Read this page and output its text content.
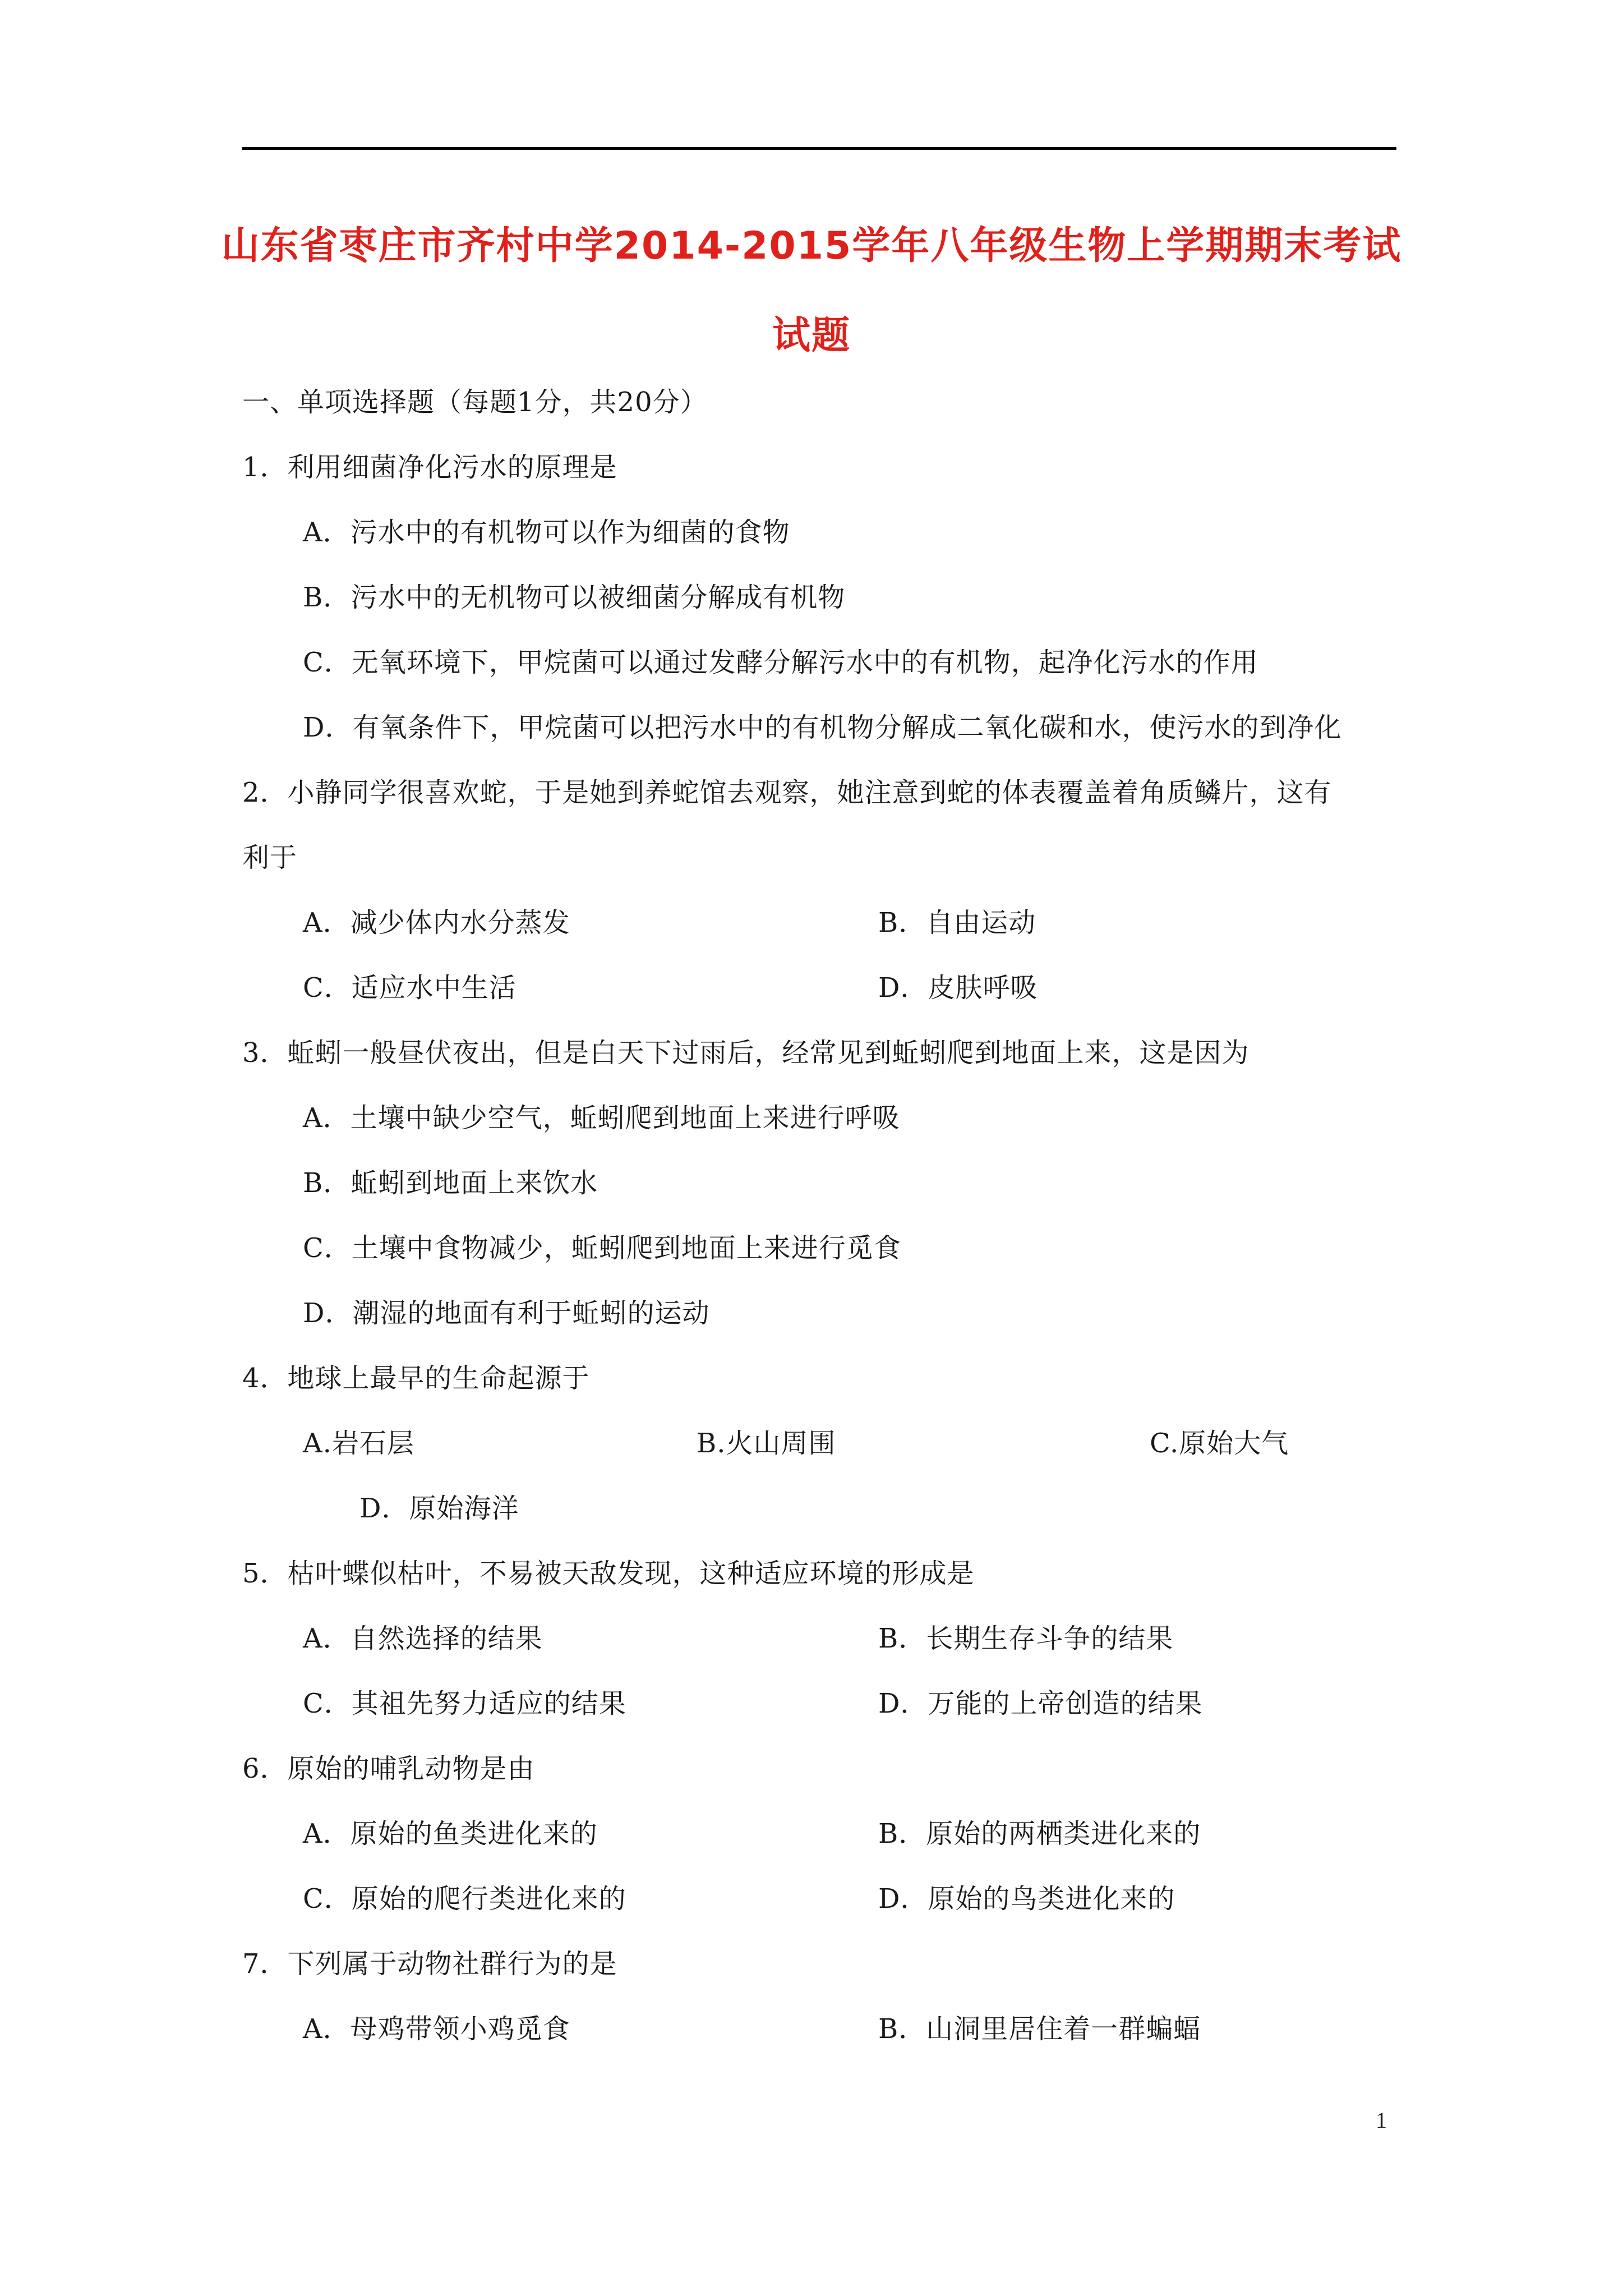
山东省枣庄市齐村中学2014-2015学年八年级生物上学期期末考试
试题
一、单项选择题（每题1分，共20分）
1．利用细菌净化污水的原理是
A．污水中的有机物可以作为细菌的食物
B．污水中的无机物可以被细菌分解成有机物
C．无氧环境下，甲烷菌可以通过发酵分解污水中的有机物，起净化污水的作用
D．有氧条件下，甲烷菌可以把污水中的有机物分解成二氧化碳和水，使污水的到净化
2．小静同学很喜欢蛇，于是她到养蛇馆去观察，她注意到蛇的体表覆盖着角质鳞片，这有
利于
A．减少体内水分蒸发	B．自由运动
C．适应水中生活	D．皮肤呼吸
3．蚯蚓一般昼伏夜出，但是白天下过雨后，经常见到蚯蚓爬到地面上来，这是因为
A．土壤中缺少空气，蚯蚓爬到地面上来进行呼吸
B．蚯蚓到地面上来饮水
C．土壤中食物减少，蚯蚓爬到地面上来进行觅食
D．潮湿的地面有利于蚯蚓的运动
4．地球上最早的生命起源于
A.岩石层	B.火山周围	C.原始大气
D．原始海洋
5．枯叶蝶似枯叶，不易被天敌发现，这种适应环境的形成是
A．自然选择的结果	B．长期生存斗争的结果
C．其祖先努力适应的结果	D．万能的上帝创造的结果
6．原始的哺乳动物是由
A．原始的鱼类进化来的	B．原始的两栖类进化来的
C．原始的爬行类进化来的	D．原始的鸟类进化来的
7．下列属于动物社群行为的是
A．母鸡带领小鸡觅食	B．山洞里居住着一群蝙蝠
1
